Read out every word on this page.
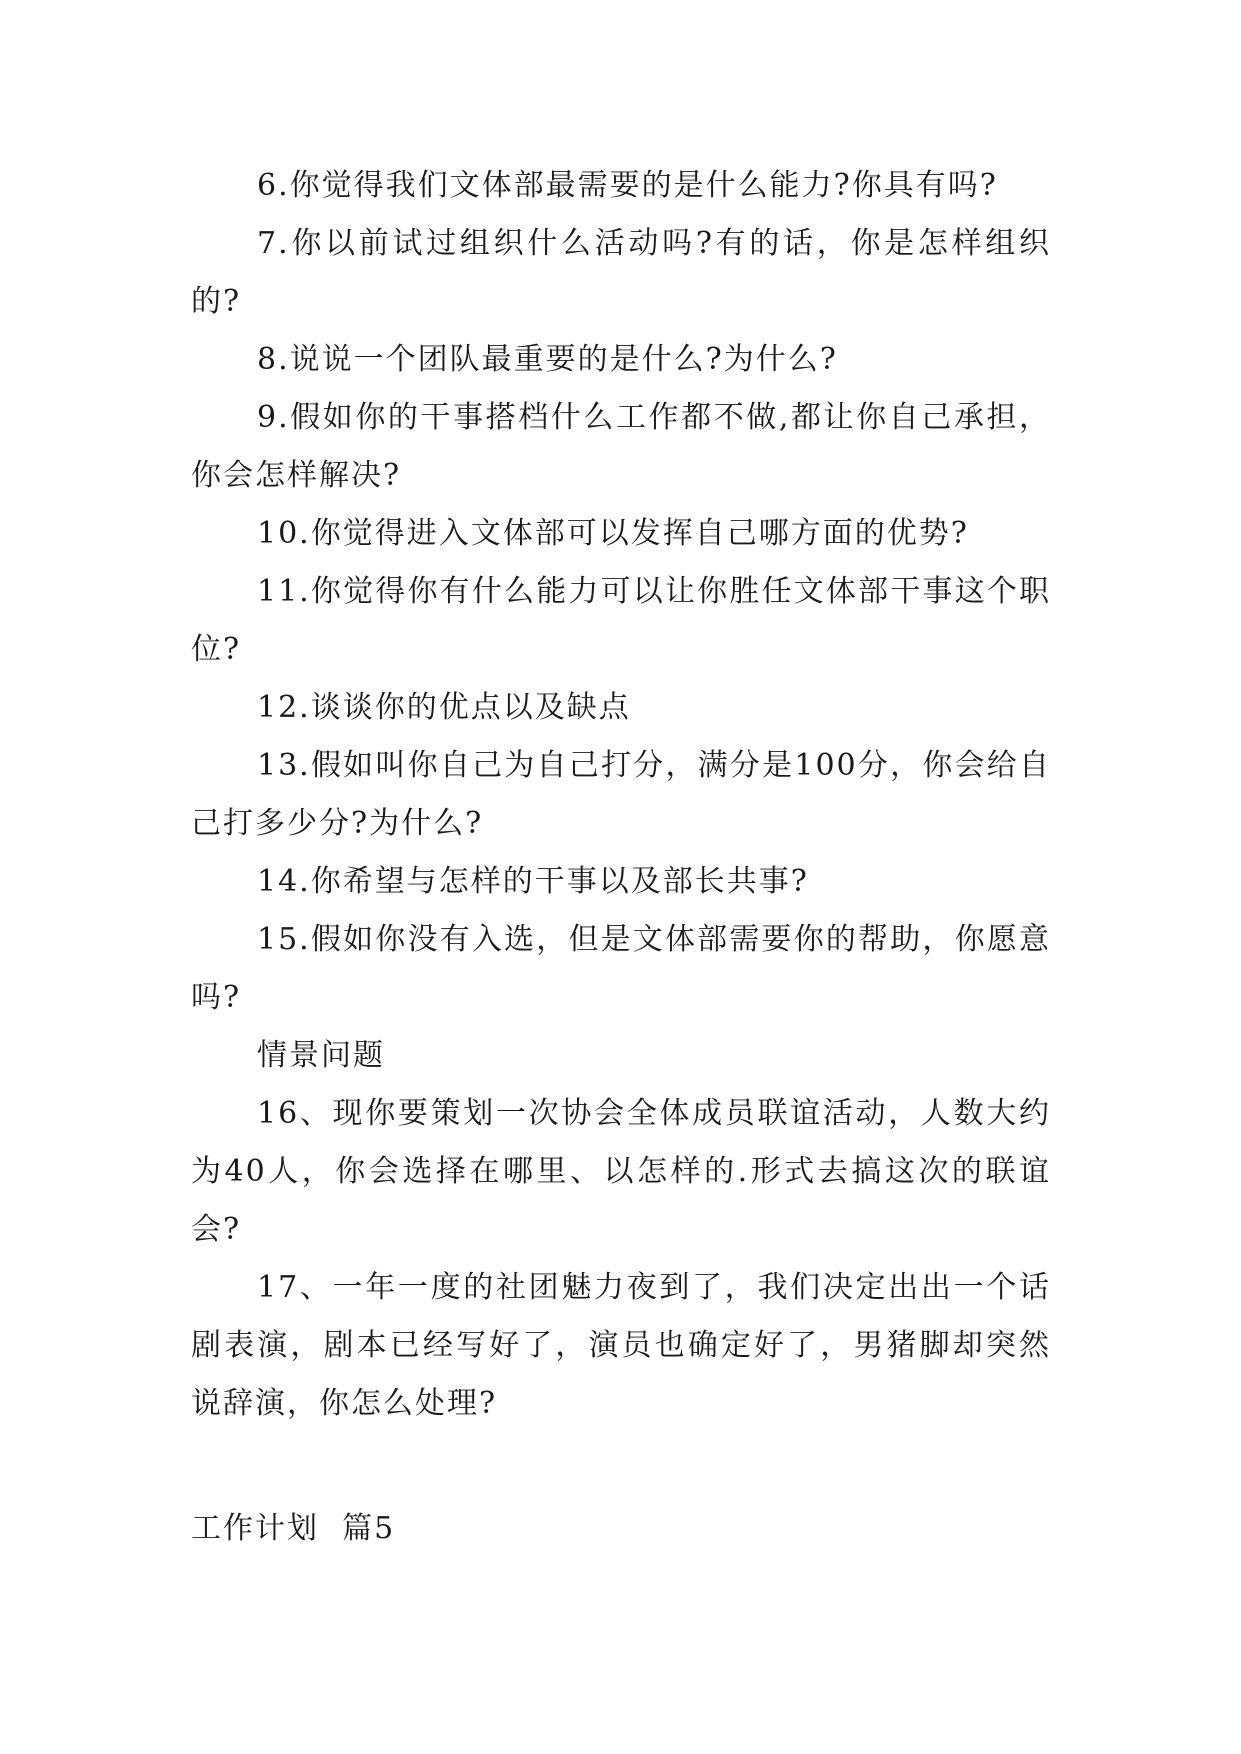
6.你觉得我们文体部最需要的是什么能力?你具有吗?

7.你以前试过组织什么活动吗?有的话，你是怎样组织的?

8.说说一个团队最重要的是什么?为什么?

9.假如你的干事搭档什么工作都不做,都让你自己承担，你会怎样解决?

10.你觉得进入文体部可以发挥自己哪方面的优势?

11.你觉得你有什么能力可以让你胜任文体部干事这个职位?

12.谈谈你的优点以及缺点

13.假如叫你自己为自己打分，满分是100分，你会给自己打多少分?为什么?

14.你希望与怎样的干事以及部长共事?

15.假如你没有入选，但是文体部需要你的帮助，你愿意吗?

情景问题

16、现你要策划一次协会全体成员联谊活动，人数大约为40人，你会选择在哪里、以怎样的.形式去搞这次的联谊会?

17、一年一度的社团魅力夜到了，我们决定出出一个话剧表演，剧本已经写好了，演员也确定好了，男猪脚却突然说辞演，你怎么处理?

工作计划  篇5
